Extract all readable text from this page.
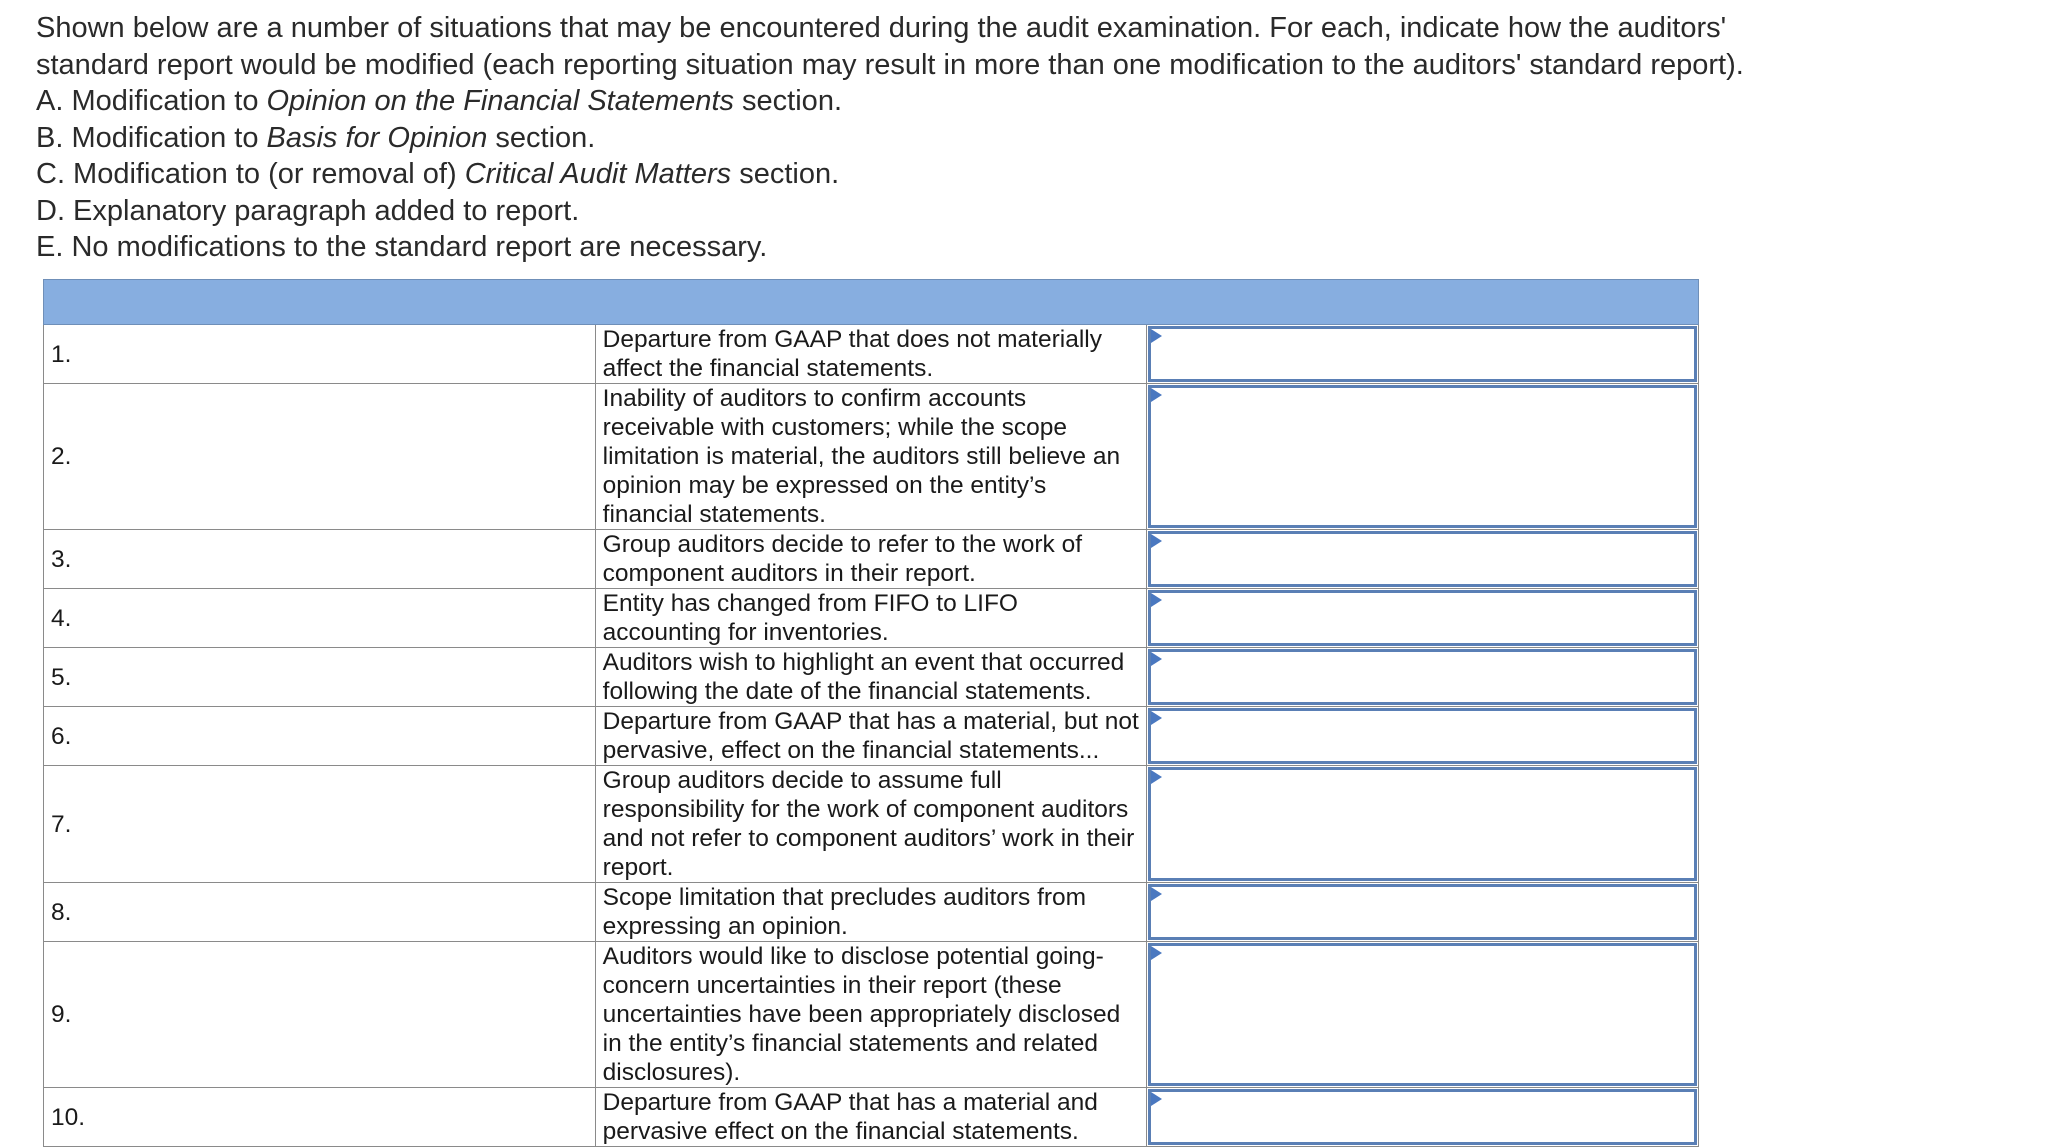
Shown below are a number of situations that may be encountered during the audit examination. For each, indicate how the auditors'

standard report would be modified (each reporting situation may result in more than one modification to the auditors' standard report).

A. Modification to Opinion on the Financial Statements section.

B. Modification to Basis for Opinion section.

C. Modification to (or removal of) Critical Audit Matters section.

D. Explanatory paragraph added to report.

E. No modifications to the standard report are necessary.

1.	Departure from GAAP that does not materially affect the financial statements.	

2.	Inability of auditors to confirm accounts receivable with customers; while the scope limitation is material, the auditors still believe an opinion may be expressed on the entity’s financial statements.	

3.	Group auditors decide to refer to the work of component auditors in their report.	

4.	Entity has changed from FIFO to LIFO accounting for inventories.	

5.	Auditors wish to highlight an event that occurred following the date of the financial statements.	

6.	Departure from GAAP that has a material, but not pervasive, effect on the financial statements...	

7.	Group auditors decide to assume full responsibility for the work of component auditors and not refer to component auditors’ work in their report.	

8.	Scope limitation that precludes auditors from expressing an opinion.	

9.	Auditors would like to disclose potential going-concern uncertainties in their report (these uncertainties have been appropriately disclosed in the entity’s financial statements and related disclosures).	

10.	Departure from GAAP that has a material and pervasive effect on the financial statements.	
